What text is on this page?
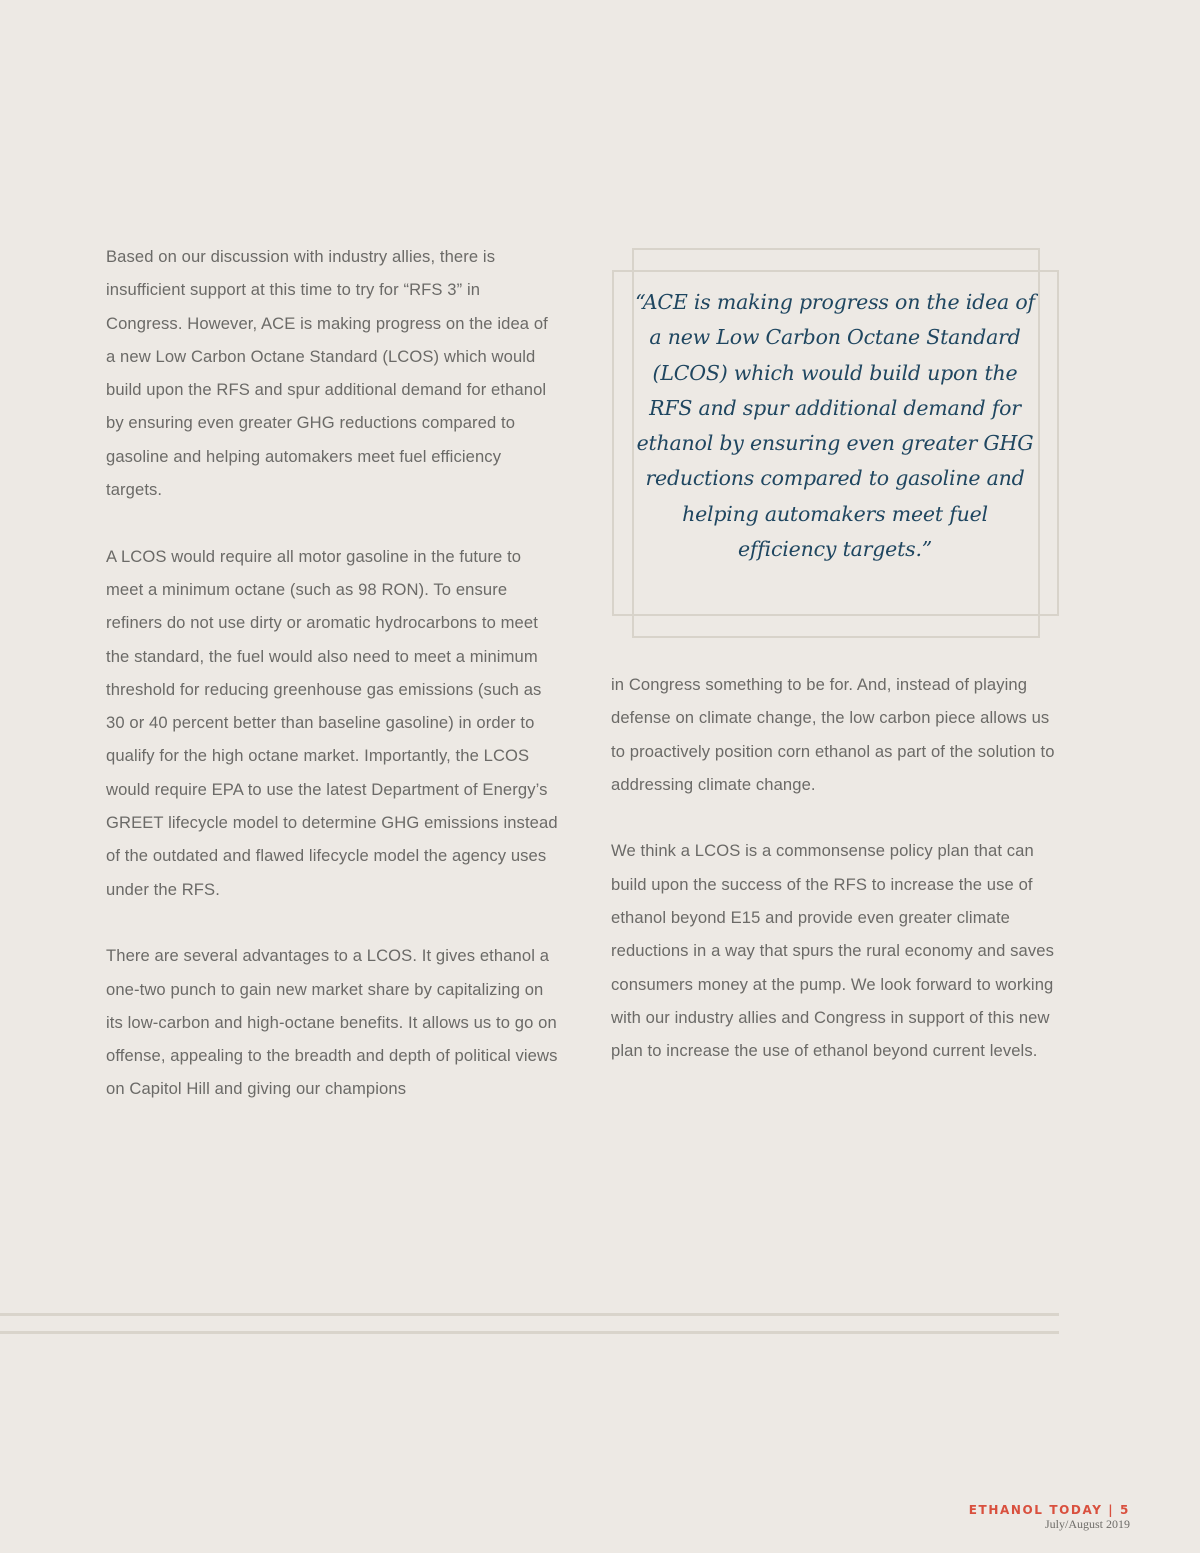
Based on our discussion with industry allies, there is insufficient support at this time to try for “RFS 3” in Congress. However, ACE is making progress on the idea of a new Low Carbon Octane Standard (LCOS) which would build upon the RFS and spur additional demand for ethanol by ensuring even greater GHG reductions compared to gasoline and helping automakers meet fuel efficiency targets.

A LCOS would require all motor gasoline in the future to meet a minimum octane (such as 98 RON). To ensure refiners do not use dirty or aromatic hydrocarbons to meet the standard, the fuel would also need to meet a minimum threshold for reducing greenhouse gas emissions (such as 30 or 40 percent better than baseline gasoline) in order to qualify for the high octane market. Importantly, the LCOS would require EPA to use the latest Department of Energy’s GREET lifecycle model to determine GHG emissions instead of the outdated and flawed lifecycle model the agency uses under the RFS.

There are several advantages to a LCOS. It gives ethanol a one-two punch to gain new market share by capitalizing on its low-carbon and high-octane benefits. It allows us to go on offense, appealing to the breadth and depth of political views on Capitol Hill and giving our champions

“ACE is making progress on the idea of a new Low Carbon Octane Standard (LCOS) which would build upon the RFS and spur additional demand for ethanol by ensuring even greater GHG reductions compared to gasoline and helping automakers meet fuel efficiency targets.”

in Congress something to be for. And, instead of playing defense on climate change, the low carbon piece allows us to proactively position corn ethanol as part of the solution to addressing climate change.

We think a LCOS is a commonsense policy plan that can build upon the success of the RFS to increase the use of ethanol beyond E15 and provide even greater climate reductions in a way that spurs the rural economy and saves consumers money at the pump. We look forward to working with our industry allies and Congress in support of this new plan to increase the use of ethanol beyond current levels.

ETHANOL TODAY | 5
July/August 2019
